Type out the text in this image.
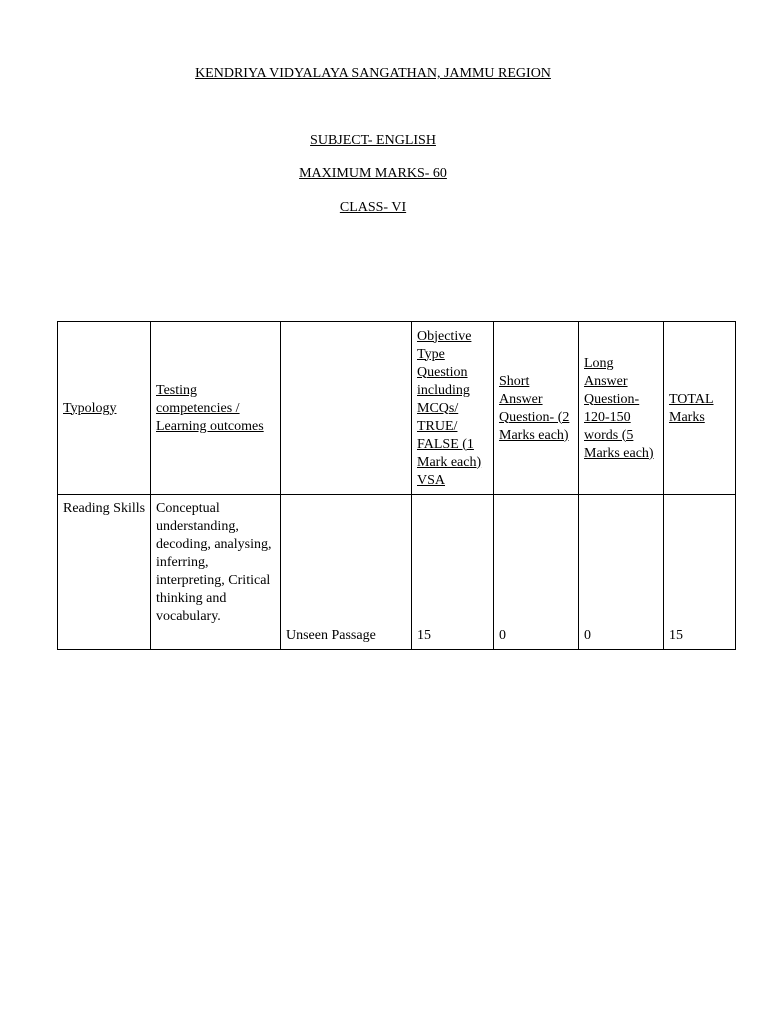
KENDRIYA VIDYALAYA SANGATHAN, JAMMU REGION

SUBJECT- ENGLISH

MAXIMUM MARKS- 60

CLASS- VI

Typology	Testing competencies / Learning outcomes		Objective Type Question including MCQs/ TRUE/ FALSE (1 Mark each) VSA	Short Answer Question- (2 Marks each)	Long Answer Question- 120-150 words (5 Marks each)	TOTAL Marks
Reading Skills	Conceptual understanding, decoding, analysing, inferring, interpreting, Critical thinking and vocabulary.	Unseen Passage	15	0	0	15
